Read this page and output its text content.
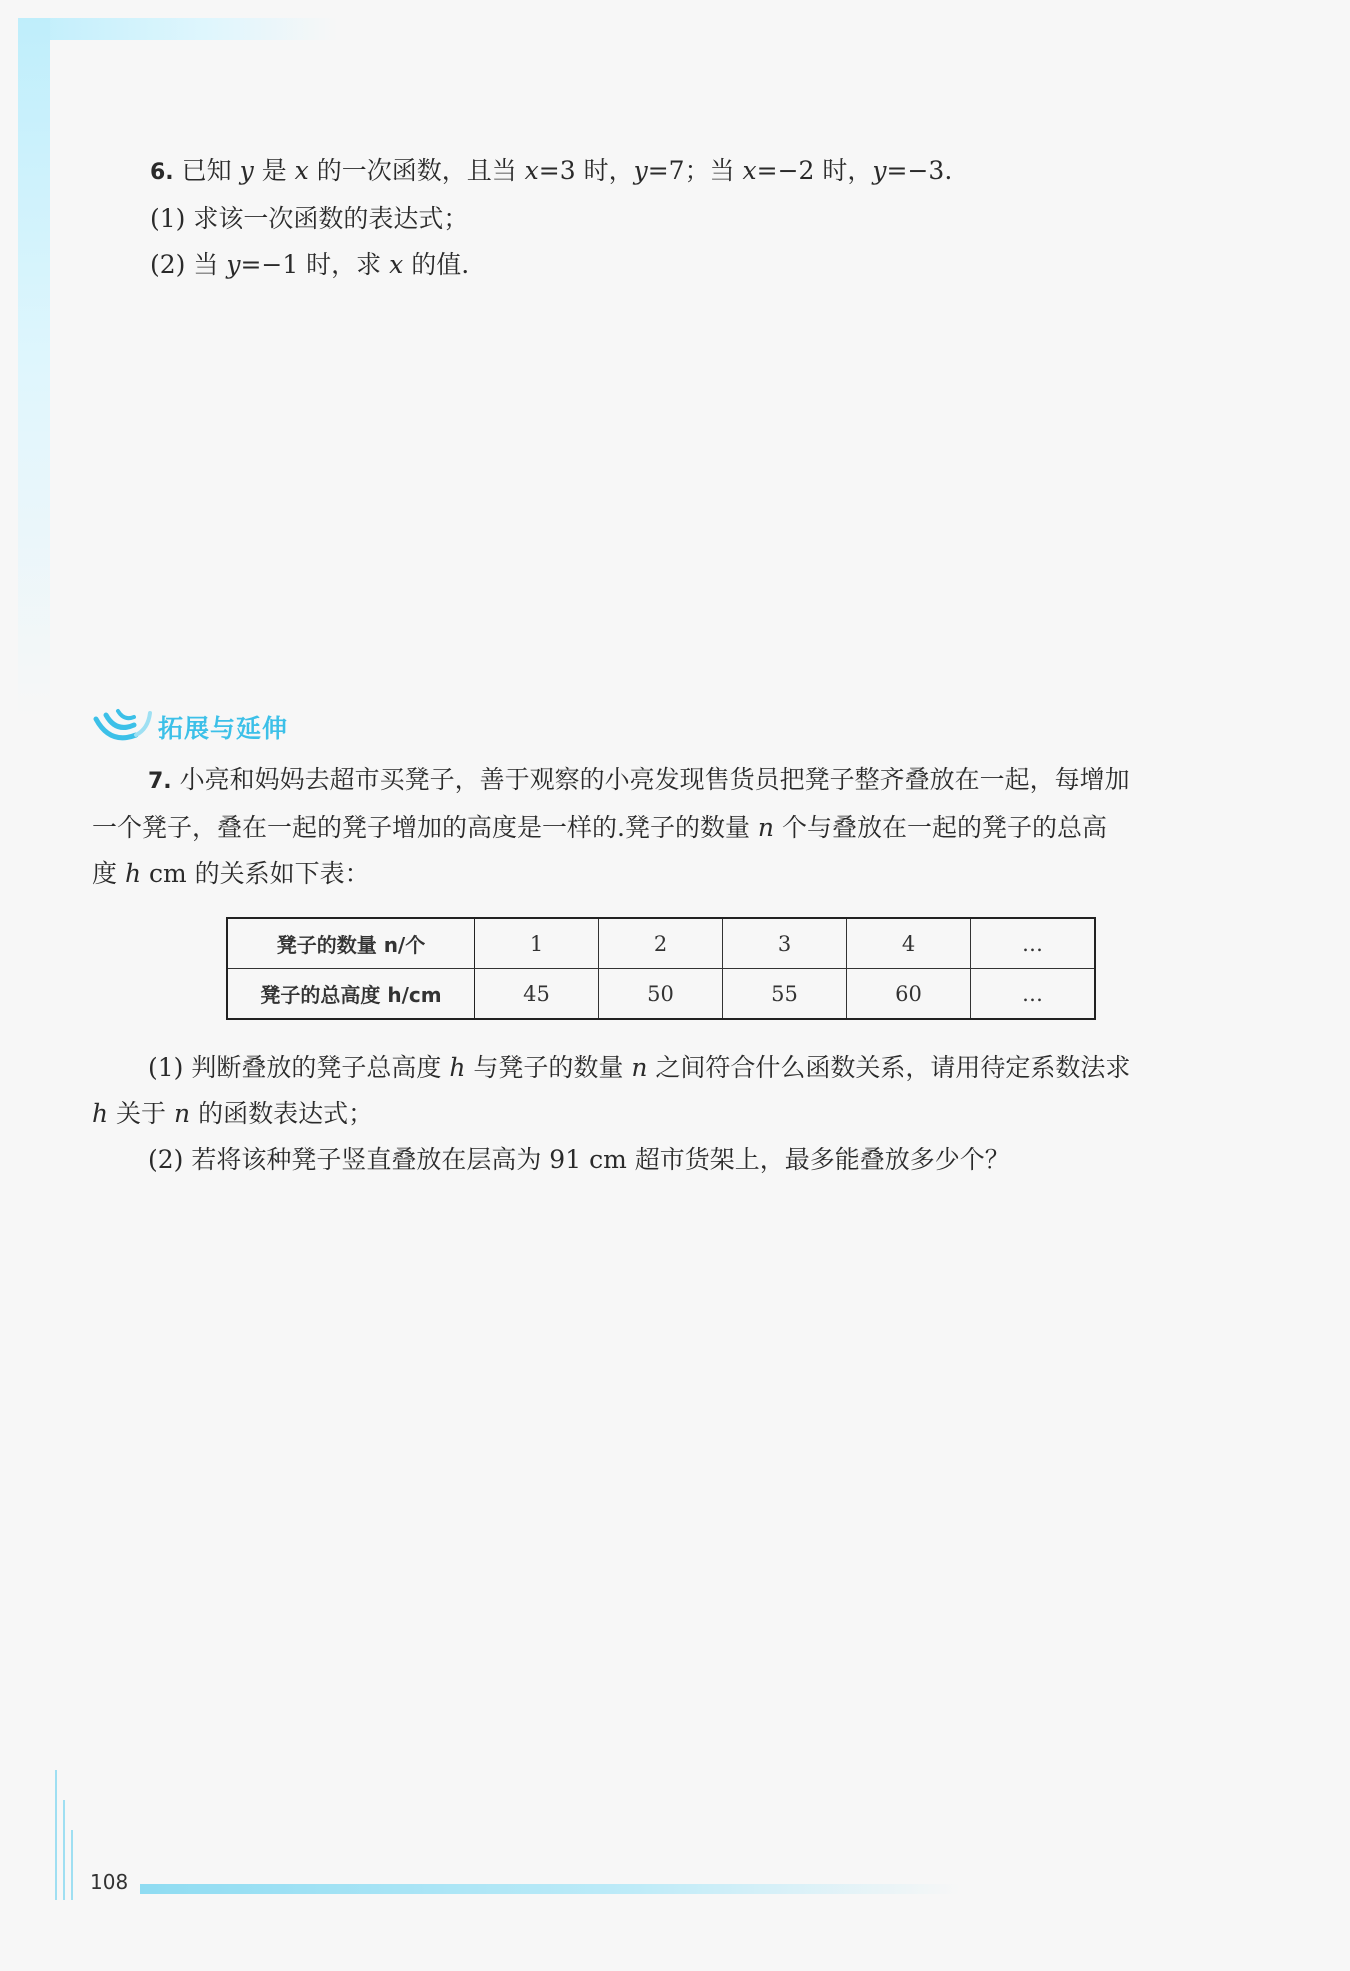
6. 已知 y 是 x 的一次函数，且当 x=3 时，y=7；当 x=−2 时，y=−3.

(1) 求该一次函数的表达式；

(2) 当 y=−1 时，求 x 的值.

拓展与延伸

7. 小亮和妈妈去超市买凳子，善于观察的小亮发现售货员把凳子整齐叠放在一起，每增加

一个凳子，叠在一起的凳子增加的高度是一样的.凳子的数量 n 个与叠放在一起的凳子的总高

度 h cm 的关系如下表：

凳子的数量 n/个	1	2	3	4	…
凳子的总高度 h/cm	45	50	55	60	…

(1) 判断叠放的凳子总高度 h 与凳子的数量 n 之间符合什么函数关系，请用待定系数法求

h 关于 n 的函数表达式；

(2) 若将该种凳子竖直叠放在层高为 91 cm 超市货架上，最多能叠放多少个？

108
